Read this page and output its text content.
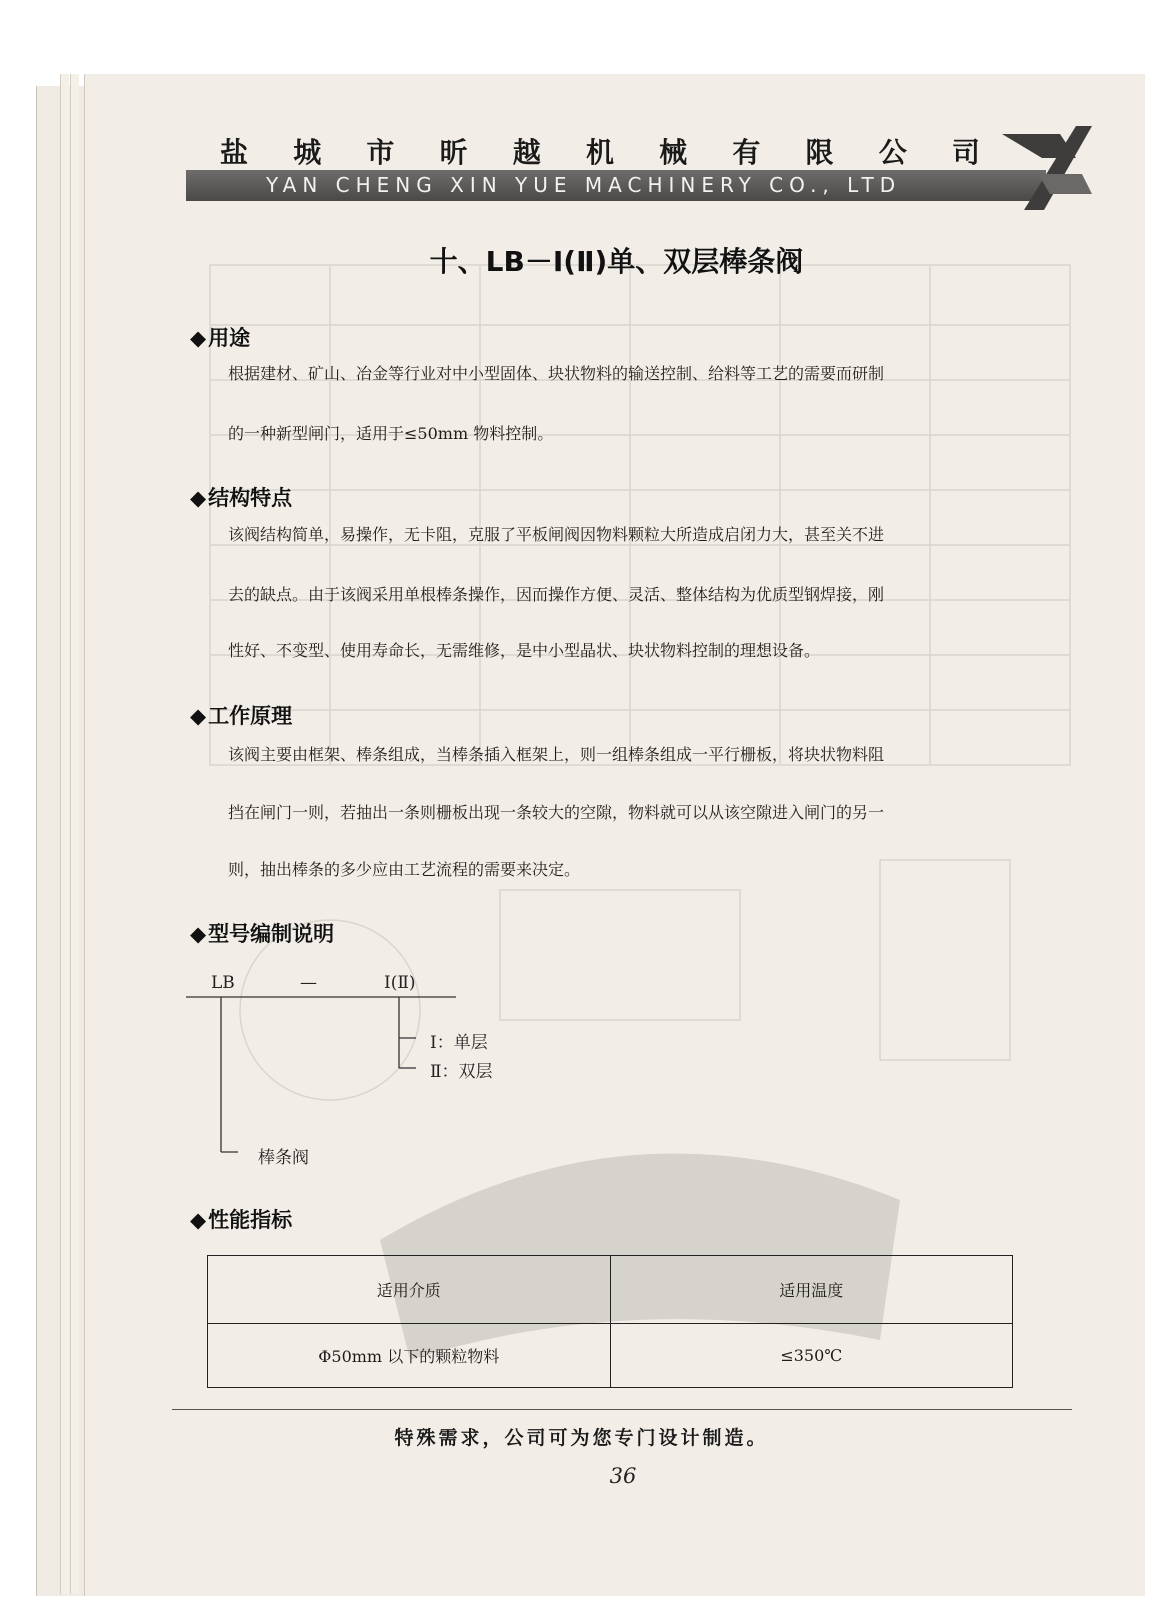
盐 城 市 昕 越 机 械 有 限 公 司
YAN CHENG XIN YUE MACHINERY CO., LTD
十、LB－Ⅰ(Ⅱ)单、双层棒条阀
◆用途
根据建材、矿山、冶金等行业对中小型固体、块状物料的输送控制、给料等工艺的需要而研制
的一种新型闸门，适用于≤50mm 物料控制。
◆结构特点
该阀结构简单，易操作，无卡阻，克服了平板闸阀因物料颗粒大所造成启闭力大，甚至关不进
去的缺点。由于该阀采用单根棒条操作，因而操作方便、灵活、整体结构为优质型钢焊接，刚
性好、不变型、使用寿命长，无需维修，是中小型晶状、块状物料控制的理想设备。
◆工作原理
该阀主要由框架、棒条组成，当棒条插入框架上，则一组棒条组成一平行栅板，将块状物料阻
挡在闸门一则，若抽出一条则栅板出现一条较大的空隙，物料就可以从该空隙进入闸门的另一
则，抽出棒条的多少应由工艺流程的需要来决定。
◆型号编制说明
LB	—	Ⅰ(Ⅱ)
Ⅰ：单层
Ⅱ：双层
棒条阀
◆性能指标
适用介质	适用温度
Φ50mm 以下的颗粒物料	≤350℃
特殊需求，公司可为您专门设计制造。
36
